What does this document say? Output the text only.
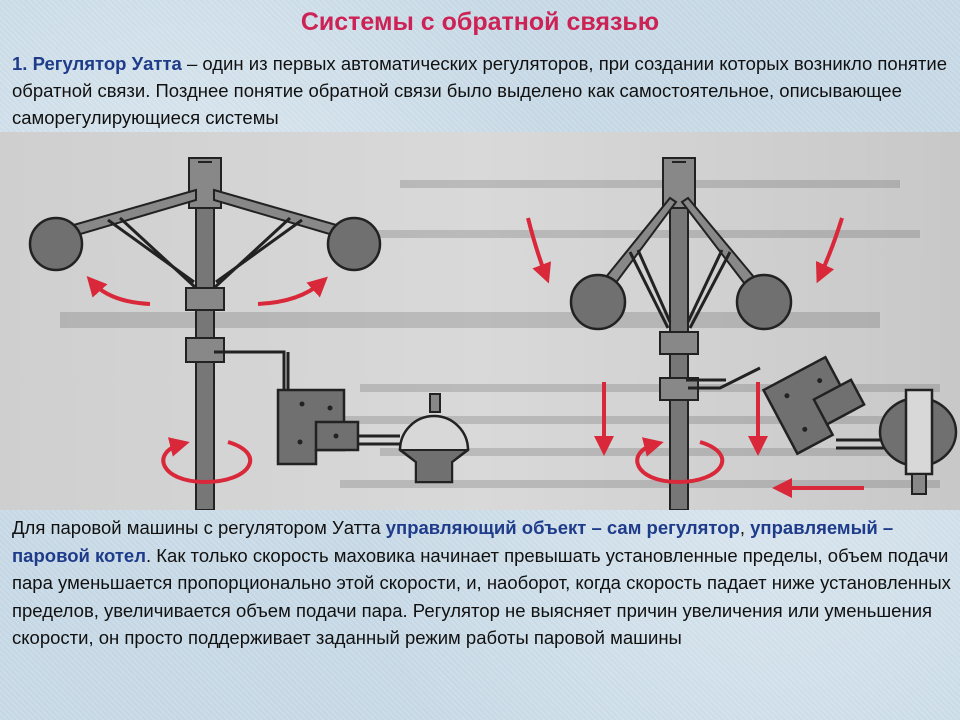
Системы с обратной связью
1. Регулятор Уатта – один из первых автоматических регуляторов, при создании которых возникло понятие обратной связи. Позднее понятие обратной связи было выделено как самостоятельное, описывающее саморегулирующиеся системы
Для паровой машины с регулятором Уатта управляющий объект – сам регулятор, управляемый – паровой котел. Как только скорость маховика начинает превышать установленные пределы, объем подачи пара уменьшается пропорционально этой скорости, и, наоборот, когда скорость падает ниже установленных пределов, увеличивается объем подачи пара. Регулятор не выясняет причин увеличения или уменьшения скорости, он просто поддерживает заданный режим работы паровой машины
